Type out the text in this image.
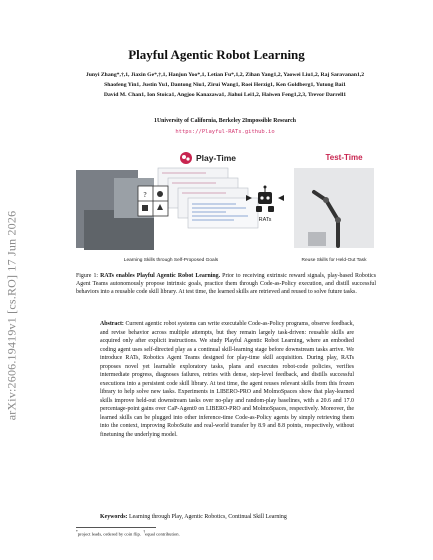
arXiv:2606.19419v1 [cs.RO] 17 Jun 2026
Playful Agentic Robot Learning
Junyi Zhang*,†,1, Jiaxin Ge*,†,1, Hanjun Yoo*,1, Letian Fu*,1,2, Zihan Yang1,2, Yaowei Liu1,2, Raj Saravanan1,2
Shaofeng Yin1, Justin Yu1, Dantong Niu1, Zirui Wang1, Roei Herzig1, Ken Goldberg1, Yutong Bai1
David M. Chan1, Ion Stoica1, Angjoo Kanazawa1, Jiahui Lei1,2, Haiwen Feng1,2,3, Trevor Darrell1
1University of California, Berkeley 2Impossible Research
https://Playful-RATs.github.io
?
Play-Time
RATs
Test-Time
Learning Skills through Self-Proposed Goals	Reuse Skills for Held-Out Task
Figure 1: RATs enables Playful Agentic Robot Learning. Prior to receiving extrinsic reward signals, play-based Robotics Agent Teams autonomously propose intrinsic goals, practice them through Code-as-Policy execution, and distill successful behaviors into a reusable code skill library. At test time, the learned skills are retrieved and reused to solve future tasks.
Abstract: Current agentic robot systems can write executable Code-as-Policy programs, observe feedback, and revise behavior across multiple attempts, but they remain largely task-driven: reusable skills are acquired only after explicit instructions. We study Playful Agentic Robot Learning, where an embodied coding agent uses self-directed play as a continual skill-learning stage before downstream tasks arrive. We introduce RATs, Robotics Agent Teams designed for play-time skill acquisition. During play, RATs proposes novel yet learnable exploratory tasks, plans and executes robot-code policies, verifies intermediate progress, diagnoses failures, retries with dense, step-level feedback, and distills successful executions into a persistent code skill library. At test time, the agent reuses relevant skills from this frozen library to help solve new tasks. Experiments in LIBERO-PRO and MolmoSpaces show that play-learned skills improve held-out downstream tasks over no-play and random-play baselines, with a 20.6 and 17.0 percentage-point gains over CaP-Agent0 on LIBERO-PRO and MolmoSpaces, respectively. Moreover, the learned skills can be plugged into other inference-time Code-as-Policy agents by simply retrieving them into the context, improving RoboSuite and real-world transfer by 8.9 and 8.8 points, respectively, without finetuning the underlying model.
Keywords: Learning through Play, Agentic Robotics, Continual Skill Learning
*project leads, ordered by coin flip. †equal contribution.
